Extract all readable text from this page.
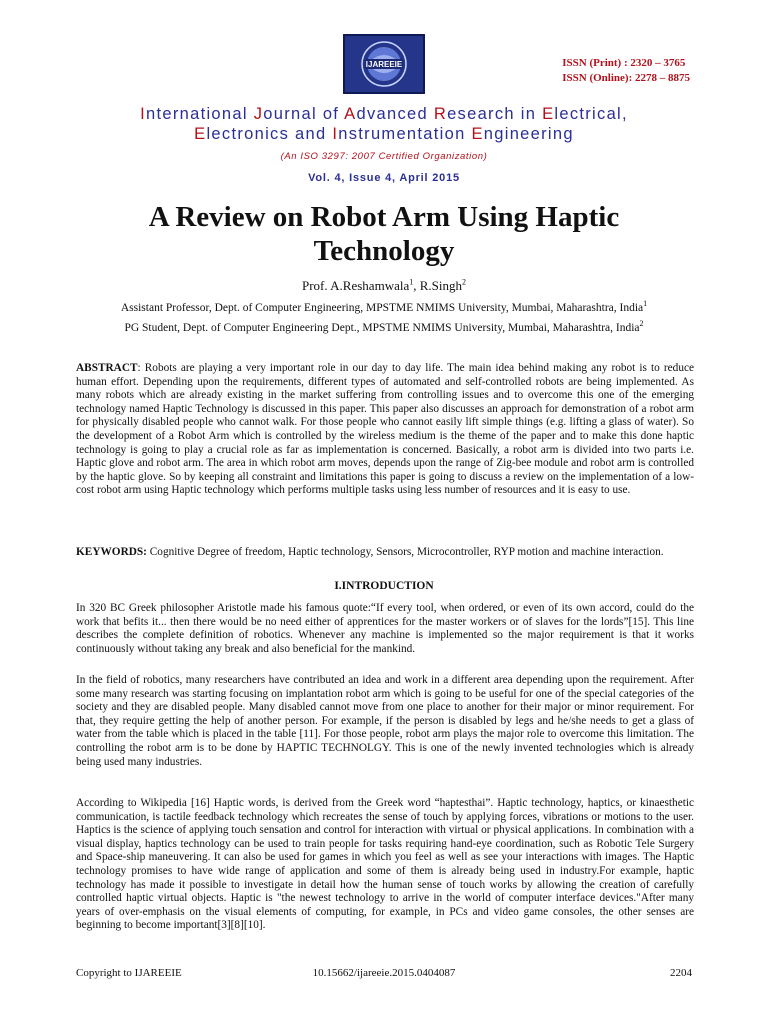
IJAREEIE	ISSN (Print) : 2320 – 3765
ISSN (Online): 2278 – 8875
International Journal of Advanced Research in Electrical,
Electronics and Instrumentation Engineering
(An ISO 3297: 2007 Certified Organization)
Vol. 4, Issue 4, April 2015
A Review on Robot Arm Using Haptic Technology
Prof. A.Reshamwala$^1$, R.Singh$^2$
Assistant Professor, Dept. of Computer Engineering, MPSTME NMIMS University, Mumbai, Maharashtra, India$^1$
PG Student, Dept. of Computer Engineering Dept., MPSTME NMIMS University, Mumbai, Maharashtra, India$^2$
ABSTRACT: Robots are playing a very important role in our day to day life. The main idea behind making any robot is to reduce human effort. Depending upon the requirements, different types of automated and self-controlled robots are being implemented. As many robots which are already existing in the market suffering from controlling issues and to overcome this one of the emerging technology named Haptic Technology is discussed in this paper. This paper also discusses an approach for demonstration of a robot arm for physically disabled people who cannot walk. For those people who cannot easily lift simple things (e.g. lifting a glass of water). So the development of a Robot Arm which is controlled by the wireless medium is the theme of the paper and to make this done haptic technology is going to play a crucial role as far as implementation is concerned. Basically, a robot arm is divided into two parts i.e. Haptic glove and robot arm. The area in which robot arm moves, depends upon the range of Zig-bee module and robot arm is controlled by the haptic glove. So by keeping all constraint and limitations this paper is going to discuss a review on the implementation of a low-cost robot arm using Haptic technology which performs multiple tasks using less number of resources and it is easy to use.
KEYWORDS: Cognitive Degree of freedom, Haptic technology, Sensors, Microcontroller, RYP motion and machine interaction.
I.INTRODUCTION
In 320 BC Greek philosopher Aristotle made his famous quote:“If every tool, when ordered, or even of its own accord, could do the work that befits it... then there would be no need either of apprentices for the master workers or of slaves for the lords”[15]. This line describes the complete definition of robotics. Whenever any machine is implemented so the major requirement is that it works continuously without taking any break and also beneficial for the mankind.
In the field of robotics, many researchers have contributed an idea and work in a different area depending upon the requirement. After some many research was starting focusing on implantation robot arm which is going to be useful for one of the special categories of the society and they are disabled people. Many disabled cannot move from one place to another for their major or minor requirement. For that, they require getting the help of another person. For example, if the person is disabled by legs and he/she needs to get a glass of water from the table which is placed in the table [11]. For those people, robot arm plays the major role to overcome this limitation. The controlling the robot arm is to be done by HAPTIC TECHNOLGY. This is one of the newly invented technologies which is already being used many industries.
According to Wikipedia [16] Haptic words, is derived from the Greek word “haptesthai”. Haptic technology, haptics, or kinaesthetic communication, is tactile feedback technology which recreates the sense of touch by applying forces, vibrations or motions to the user. Haptics is the science of applying touch sensation and control for interaction with virtual or physical applications. In combination with a visual display, haptics technology can be used to train people for tasks requiring hand-eye coordination, such as Robotic Tele Surgery and Space-ship maneuvering. It can also be used for games in which you feel as well as see your interactions with images. The Haptic technology promises to have wide range of application and some of them is already being used in industry.For example, haptic technology has made it possible to investigate in detail how the human sense of touch works by allowing the creation of carefully controlled haptic virtual objects. Haptic is "the newest technology to arrive in the world of computer interface devices."After many years of over-emphasis on the visual elements of computing, for example, in PCs and video game consoles, the other senses are beginning to become important[3][8][10].
Copyright to IJAREEIE	10.15662/ijareeie.2015.0404087	2204
